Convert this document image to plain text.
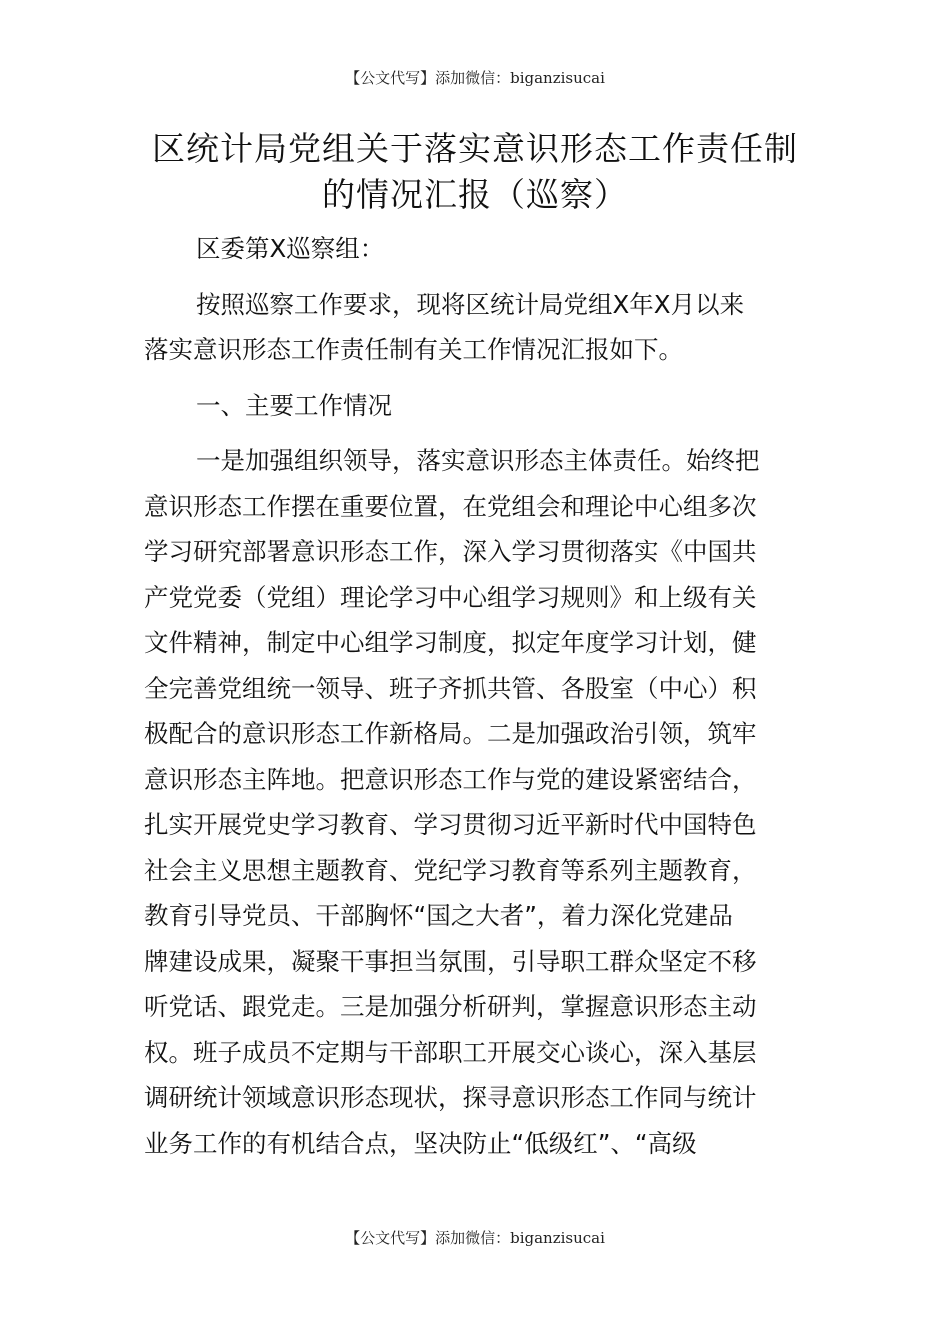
【公文代写】添加微信：biganzisucai
区统计局党组关于落实意识形态工作责任制
的情况汇报（巡察）
区委第X巡察组：
按照巡察工作要求，现将区统计局党组X年X月以来
落实意识形态工作责任制有关工作情况汇报如下。
一、主要工作情况
一是加强组织领导，落实意识形态主体责任。始终把
意识形态工作摆在重要位置，在党组会和理论中心组多次
学习研究部署意识形态工作，深入学习贯彻落实《中国共
产党党委（党组）理论学习中心组学习规则》和上级有关
文件精神，制定中心组学习制度，拟定年度学习计划，健
全完善党组统一领导、班子齐抓共管、各股室（中心）积
极配合的意识形态工作新格局。二是加强政治引领，筑牢
意识形态主阵地。把意识形态工作与党的建设紧密结合，
扎实开展党史学习教育、学习贯彻习近平新时代中国特色
社会主义思想主题教育、党纪学习教育等系列主题教育，
教育引导党员、干部胸怀“国之大者”，着力深化党建品
牌建设成果，凝聚干事担当氛围，引导职工群众坚定不移
听党话、跟党走。三是加强分析研判，掌握意识形态主动
权。班子成员不定期与干部职工开展交心谈心，深入基层
调研统计领域意识形态现状，探寻意识形态工作同与统计
业务工作的有机结合点，坚决防止“低级红”、“高级
【公文代写】添加微信：biganzisucai
